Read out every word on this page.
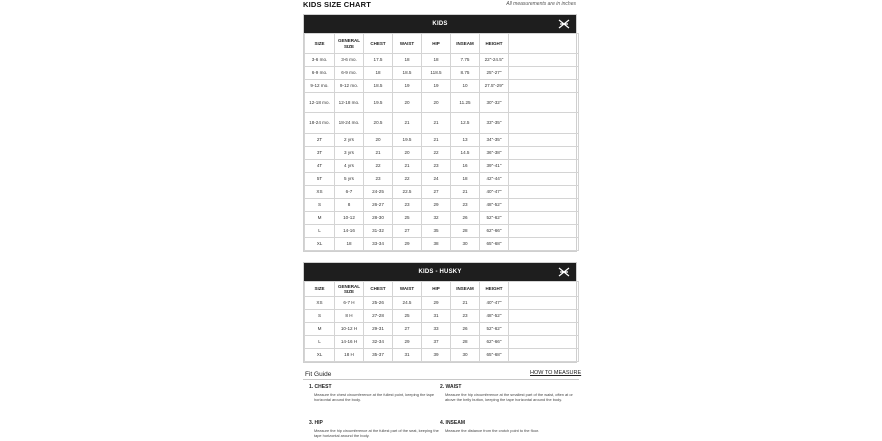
KIDS SIZE CHART	All measurements are in inches
KIDS
SIZE	GENERAL SIZE	CHEST	WAIST	HIP	INSEAM	HEIGHT	
3-6 mo.	3-6 mo.	17.5	18	18	7.75	22"-24.5"	
6-9 mo.	6-9 mo.	18	18.5	118.5	8.75	25"-27"	
9-12 mo.	9-12 mo.	18.5	19	19	10	27.5"-29"	
12-18 mo.	12-18 mo.	19.5	20	20	11.25	30"-32"	
18-24 mo.	18-24 mo.	20.5	21	21	12.5	33"-35"	
2T	2 yrs	20	19.5	21	13	34"-35"	
3T	3 yrs	21	20	22	14.5	36"-38"	
4T	4 yrs	22	21	23	16	39"-41"	
5T	5 yrs	23	22	24	18	42"-44"	
XS	6-7	24-25	22.5	27	21	40"-47"	
S	8	26-27	23	29	23	48"-52"	
M	10-12	28-30	25	32	26	52"-62"	
L	14-16	31-32	27	35	28	62"-66"	
XL	18	33-34	29	38	30	65"-68"	
KIDS - HUSKY
SIZE	GENERAL SIZE	CHEST	WAIST	HIP	INSEAM	HEIGHT	
XS	6-7 H	25-26	24.5	29	21	40"-47"	
S	8 H	27-28	25	31	23	48"-52"	
M	10-12 H	29-31	27	33	26	52"-62"	
L	14-16 H	32-34	29	37	28	62"-66"	
XL	18 H	35-37	31	39	30	65"-68"	
Fit Guide	HOW TO MEASURE
1. CHEST
Measure the chest circumference at the fullest point, keeping the tape horizontal around the body.
2. WAIST
Measure the hip circumference at the smallest part of the waist, often at or above the belly button, keeping the tape horizontal around the body.
3. HIP
Measure the hip circumference at the fullest part of the seat, keeping the tape horizontal around the body.
4. INSEAM
Measure the distance from the crotch point to the floor.
